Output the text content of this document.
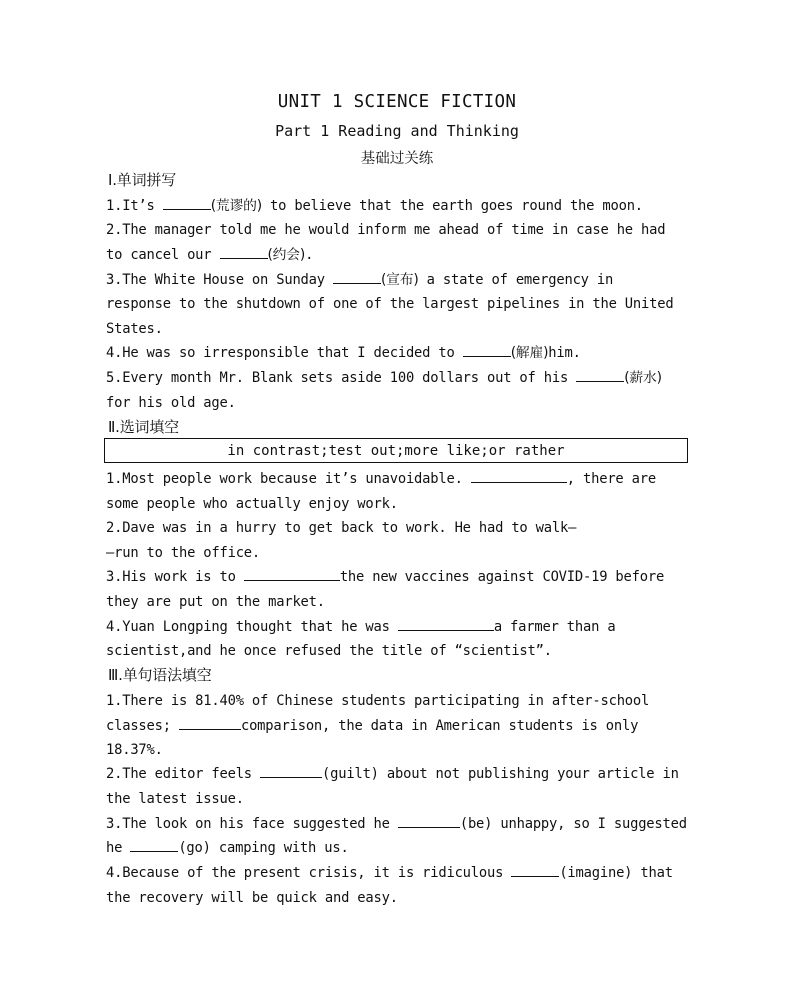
UNIT 1 SCIENCE FICTION
Part 1 Reading and Thinking
基础过关练
Ⅰ.单词拼写
1.It’s	(荒谬的) to believe that the earth goes round the moon.
2.The manager told me he would inform me ahead of time in case he had
to cancel our	(约会).
3.The White House on Sunday	(宣布) a state of emergency in
response to the shutdown of one of the largest pipelines in the United
States.
4.He was so irresponsible that I decided to	(解雇)him.
5.Every month Mr. Blank sets aside 100 dollars out of his	(薪水)
for his old age.
Ⅱ.选词填空
in contrast;test out;more like;or rather
1.Most people work because it’s unavoidable.	, there are
some people who actually enjoy work.
2.Dave was in a hurry to get back to work. He had to walk—
—run to the office.
3.His work is to	the new vaccines against COVID-19 before
they are put on the market.
4.Yuan Longping thought that he was	a farmer than a
scientist,and he once refused the title of “scientist”.
Ⅲ.单句语法填空
1.There is 81.40% of Chinese students participating in after-school
classes;	comparison, the data in American students is only
18.37%.
2.The editor feels	(guilt) about not publishing your article in
the latest issue.
3.The look on his face suggested he	(be) unhappy, so I suggested
he	(go) camping with us.
4.Because of the present crisis, it is ridiculous	(imagine) that
the recovery will be quick and easy.
